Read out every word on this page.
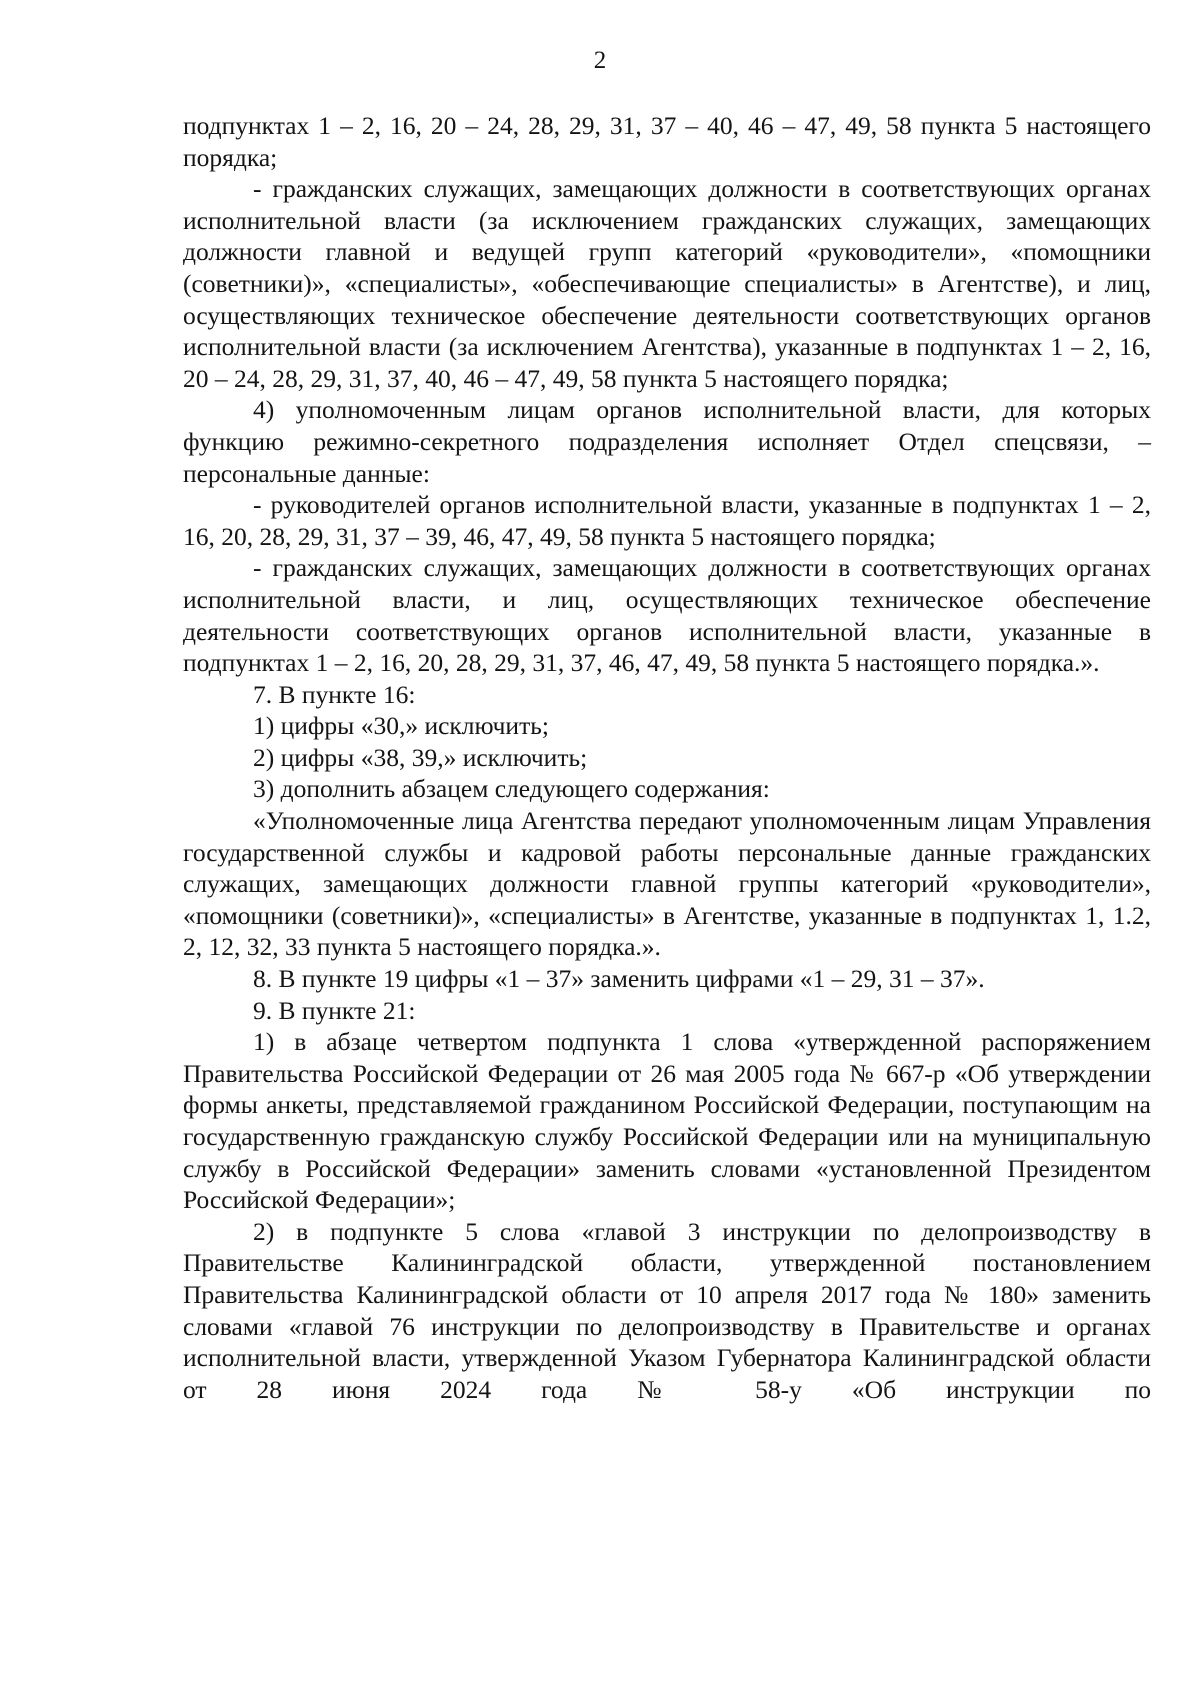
2

подпунктах 1 – 2, 16, 20 – 24, 28, 29, 31, 37 – 40, 46 – 47, 49, 58 пункта 5 настоящего порядка;

- гражданских служащих, замещающих должности в соответствующих органах исполнительной власти (за исключением гражданских служащих, замещающих должности главной и ведущей групп категорий «руководители», «помощники (советники)», «специалисты», «обеспечивающие специалисты» в Агентстве), и лиц, осуществляющих техническое обеспечение деятельности соответствующих органов исполнительной власти (за исключением Агентства), указанные в подпунктах 1 – 2, 16, 20 – 24, 28, 29, 31, 37, 40, 46 – 47, 49, 58 пункта 5 настоящего порядка;

4) уполномоченным лицам органов исполнительной власти, для которых функцию режимно-секретного подразделения исполняет Отдел спецсвязи, – персональные данные:

- руководителей органов исполнительной власти, указанные в подпунктах 1 – 2, 16, 20, 28, 29, 31, 37 – 39, 46, 47, 49, 58 пункта 5 настоящего порядка;

- гражданских служащих, замещающих должности в соответствующих органах исполнительной власти, и лиц, осуществляющих техническое обеспечение деятельности соответствующих органов исполнительной власти, указанные в подпунктах 1 – 2, 16, 20, 28, 29, 31, 37, 46, 47, 49, 58 пункта 5 настоящего порядка.».

7. В пункте 16:

1) цифры «30,» исключить;

2) цифры «38, 39,» исключить;

3) дополнить абзацем следующего содержания:

«Уполномоченные лица Агентства передают уполномоченным лицам Управления государственной службы и кадровой работы персональные данные гражданских служащих, замещающих должности главной группы категорий «руководители», «помощники (советники)», «специалисты» в Агентстве, указанные в подпунктах 1, 1.2, 2, 12, 32, 33 пункта 5 настоящего порядка.».

8. В пункте 19 цифры «1 – 37» заменить цифрами «1 – 29, 31 – 37».

9. В пункте 21:

1) в абзаце четвертом подпункта 1 слова «утвержденной распоряжением Правительства Российской Федерации от 26 мая 2005 года № 667-р «Об утверждении формы анкеты, представляемой гражданином Российской Федерации, поступающим на государственную гражданскую службу Российской Федерации или на муниципальную службу в Российской Федерации» заменить словами «установленной Президентом Российской Федерации»;

2) в подпункте 5 слова «главой 3 инструкции по делопроизводству в Правительстве Калининградской области, утвержденной постановлением Правительства Калининградской области от 10 апреля 2017 года № 180» заменить словами «главой 76 инструкции по делопроизводству в Правительстве и органах исполнительной власти, утвержденной Указом Губернатора Калининградской области от 28 июня 2024 года № 58-у «Об инструкции по
